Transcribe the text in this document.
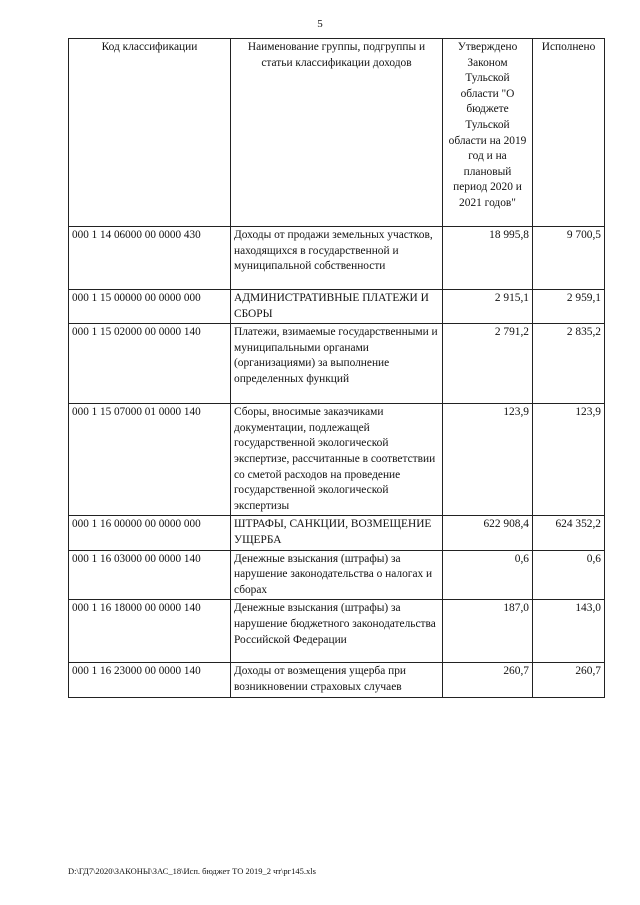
5
Код классификации	Наименование группы, подгруппы и статьи классификации доходов	Утверждено Законом Тульской области "О бюджете Тульской области на 2019 год и на плановый период 2020 и 2021 годов"	Исполнено
000 1 14 06000 00 0000 430	Доходы от продажи земельных участков, находящихся в государственной и муниципальной собственности	18 995,8	9 700,5
000 1 15 00000 00 0000 000	АДМИНИСТРАТИВНЫЕ ПЛАТЕЖИ И СБОРЫ	2 915,1	2 959,1
000 1 15 02000 00 0000 140	Платежи, взимаемые государственными и муниципальными органами (организациями) за выполнение определенных функций	2 791,2	2 835,2
000 1 15 07000 01 0000 140	Сборы, вносимые заказчиками документации, подлежащей государственной экологической экспертизе, рассчитанные в соответствии со сметой расходов на проведение государственной экологической экспертизы	123,9	123,9
000 1 16 00000 00 0000 000	ШТРАФЫ, САНКЦИИ, ВОЗМЕЩЕНИЕ УЩЕРБА	622 908,4	624 352,2
000 1 16 03000 00 0000 140	Денежные взыскания (штрафы) за нарушение законодательства о налогах и сборах	0,6	0,6
000 1 16 18000 00 0000 140	Денежные взыскания (штрафы) за нарушение бюджетного законодательства Российской Федерации	187,0	143,0
000 1 16 23000 00 0000 140	Доходы от возмещения ущерба при возникновении страховых случаев	260,7	260,7
D:\ГД7\2020\ЗАКОНЫ\ЗАС_18\Исп. бюджет ТО 2019_2 чт\рг145.xls
